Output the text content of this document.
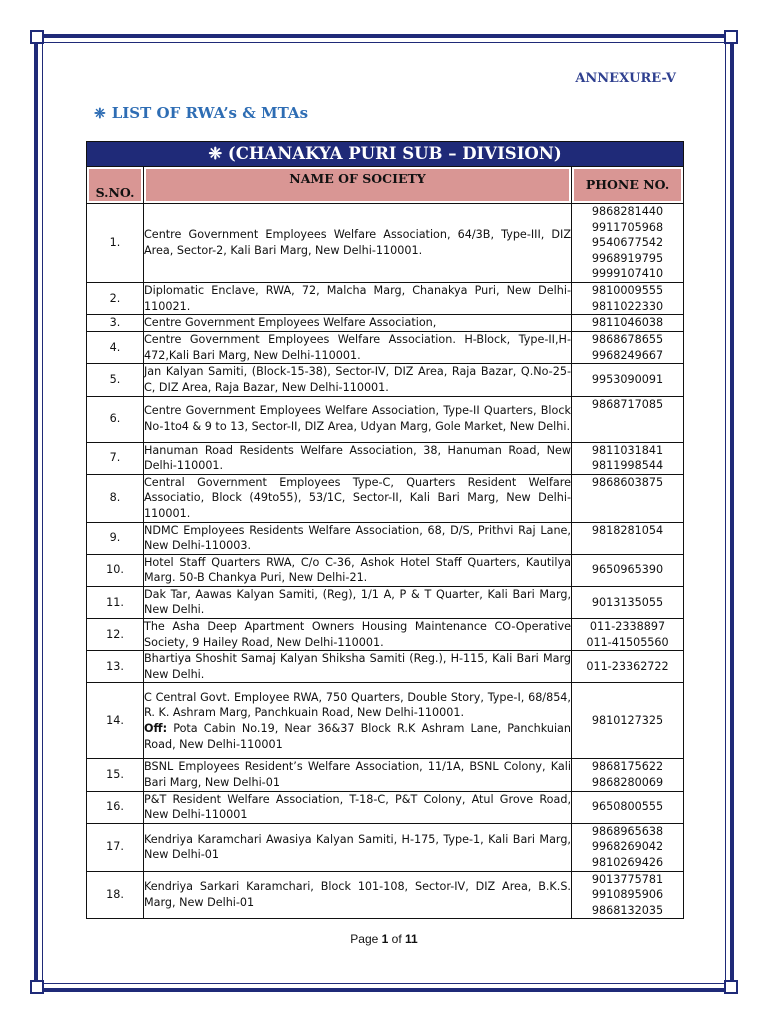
ANNEXURE-V
❈ LIST OF RWA’s & MTAs
❈ (CHANAKYA PURI SUB – DIVISION)		
S.NO.	NAME OF SOCIETY	PHONE NO.
1.	Centre Government Employees Welfare Association, 64/3B, Type-III, DIZ Area, Sector-2, Kali Bari Marg, New Delhi-110001.	9868281440
9911705968
9540677542
9968919795
9999107410

2.	Diplomatic Enclave, RWA, 72, Malcha Marg, Chanakya Puri, New Delhi-110021.	9810009555
9811022330

3.	Centre Government Employees Welfare Association,	9811046038

4.	Centre Government Employees Welfare Association. H-Block, Type-II,H-472,Kali Bari Marg, New Delhi-110001.	9868678655
9968249667

5.	Jan Kalyan Samiti, (Block-15-38), Sector-IV, DIZ Area, Raja Bazar, Q.No-25-C, DIZ Area, Raja Bazar, New Delhi-110001.	9953090091

6.	Centre Government Employees Welfare Association, Type-II Quarters, Block No-1to4 & 9 to 13, Sector-II, DIZ Area, Udyan Marg, Gole Market, New Delhi.	9868717085

7.	Hanuman Road Residents Welfare Association, 38, Hanuman Road, New Delhi-110001.	9811031841
9811998544

8.	Central Government Employees Type-C, Quarters Resident Welfare Associatio, Block (49to55), 53/1C, Sector-II, Kali Bari Marg, New Delhi-110001.	9868603875

9.	NDMC Employees Residents Welfare Association, 68, D/S, Prithvi Raj Lane, New Delhi-110003.	9818281054

10.	Hotel Staff Quarters RWA, C/o C-36, Ashok Hotel Staff Quarters, Kautilya Marg. 50-B Chankya Puri, New Delhi-21.	9650965390

11.	Dak Tar, Aawas Kalyan Samiti, (Reg), 1/1 A, P & T Quarter, Kali Bari Marg, New Delhi.	9013135055

12.	The Asha Deep Apartment Owners Housing Maintenance CO-Operative Society, 9 Hailey Road, New Delhi-110001.	011-2338897
011-41505560

13.	Bhartiya Shoshit Samaj Kalyan Shiksha Samiti (Reg.), H-115, Kali Bari Marg New Delhi.	011-23362722

14.	C Central Govt. Employee RWA, 750 Quarters, Double Story, Type-I, 68/854, R. K. Ashram Marg, Panchkuain Road, New Delhi-110001.
Off: Pota Cabin No.19, Near 36&37 Block R.K Ashram Lane, Panchkuian Road, New Delhi-110001	9810127325

15.	BSNL Employees Resident’s Welfare Association, 11/1A, BSNL Colony, Kali Bari Marg, New Delhi-01	9868175622
9868280069

16.	P&T Resident Welfare Association, T-18-C, P&T Colony, Atul Grove Road, New Delhi-110001	9650800555

17.	Kendriya Karamchari Awasiya Kalyan Samiti, H-175, Type-1, Kali Bari Marg, New Delhi-01	9868965638
9968269042
9810269426

18.	Kendriya Sarkari Karamchari, Block 101-108, Sector-IV, DIZ Area, B.K.S. Marg, New Delhi-01	9013775781
9910895906
9868132035
Page 1 of 11
